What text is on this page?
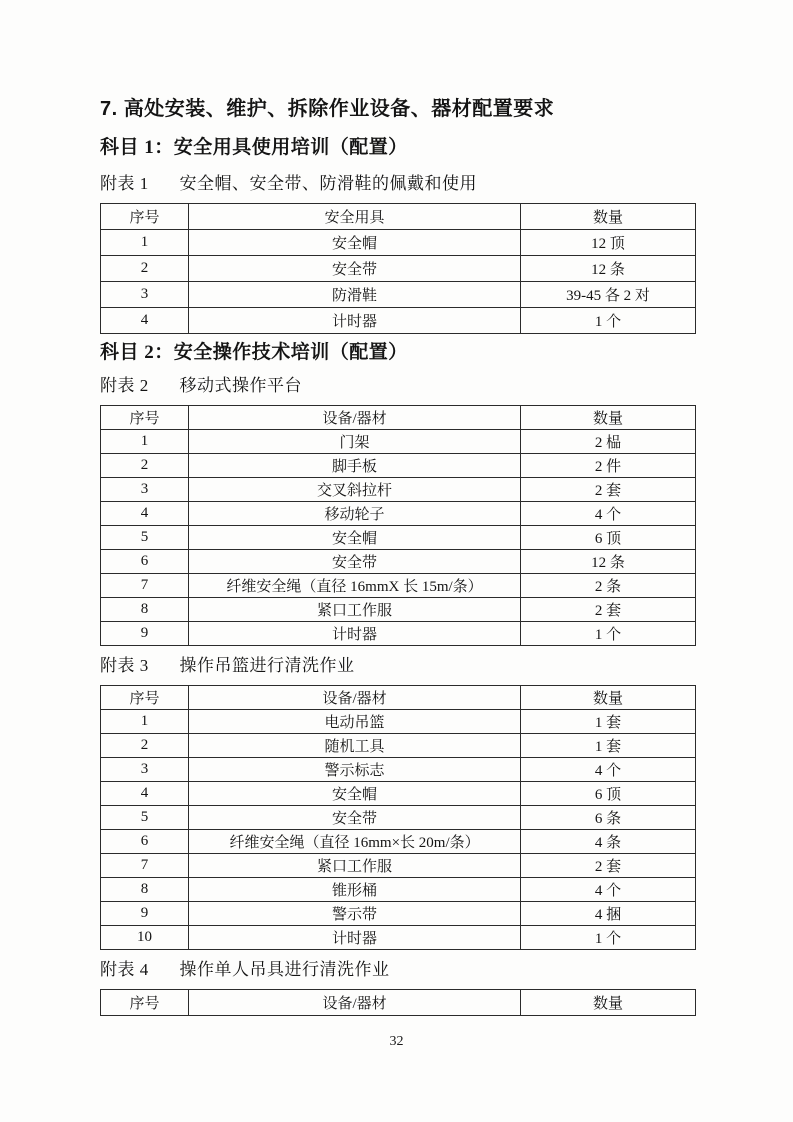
7. 高处安装、维护、拆除作业设备、器材配置要求
科目 1：安全用具使用培训（配置）

附表 1 安全帽、安全带、防滑鞋的佩戴和使用

序号	安全用具	数量
1	安全帽	12 顶
2	安全带	12 条
3	防滑鞋	39-45 各 2 对
4	计时器	1 个
科目 2：安全操作技术培训（配置）

附表 2 移动式操作平台

序号	设备/器材	数量
1	门架	2 榀
2	脚手板	2 件
3	交叉斜拉杆	2 套
4	移动轮子	4 个
5	安全帽	6 顶
6	安全带	12 条
7	纤维安全绳（直径 16mmX 长 15m/条）	2 条
8	紧口工作服	2 套
9	计时器	1 个

附表 3 操作吊篮进行清洗作业

序号	设备/器材	数量
1	电动吊篮	1 套
2	随机工具	1 套
3	警示标志	4 个
4	安全帽	6 顶
5	安全带	6 条
6	纤维安全绳（直径 16mm×长 20m/条）	4 条
7	紧口工作服	2 套
8	锥形桶	4 个
9	警示带	4 捆
10	计时器	1 个

附表 4 操作单人吊具进行清洗作业

序号	设备/器材	数量
32
